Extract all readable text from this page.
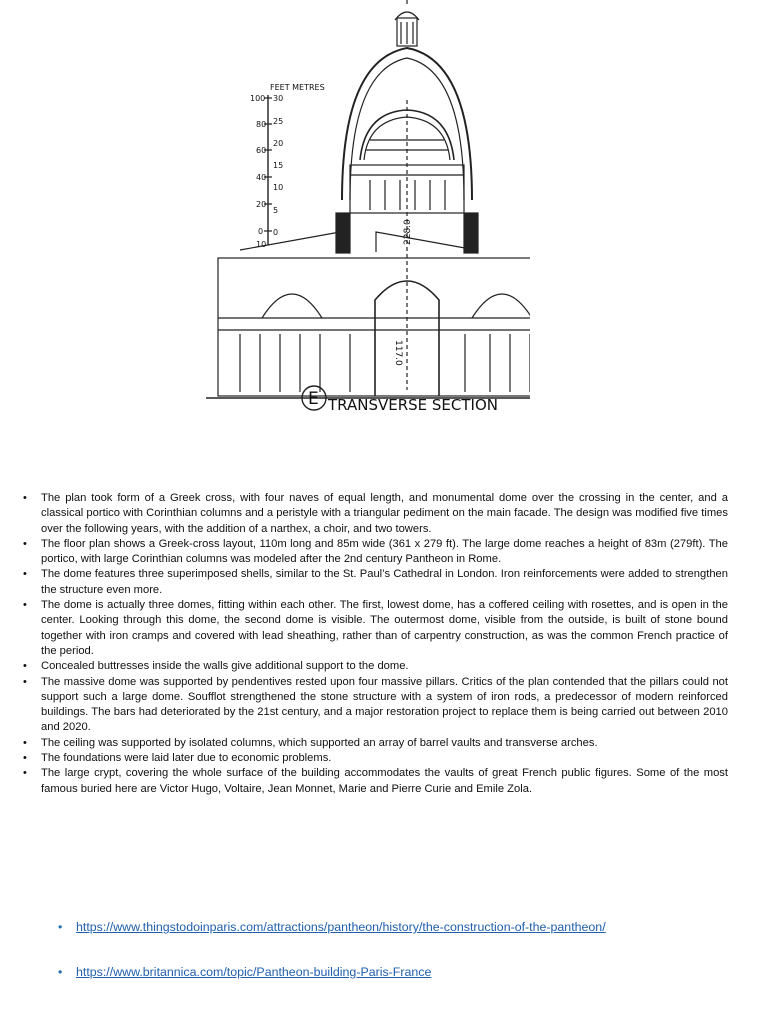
FEET METRES
100
80
60
40
20
0
10
30
25
20
15
10
5
0	228.0
117.0
E TRANSVERSE SECTION
• The plan took form of a Greek cross, with four naves of equal length, and monumental dome over the crossing in the center, and a classical portico with Corinthian columns and a peristyle with a triangular pediment on the main facade. The design was modified five times over the following years, with the addition of a narthex, a choir, and two towers.
• The floor plan shows a Greek-cross layout, 110m long and 85m wide (361 x 279 ft). The large dome reaches a height of 83m (279ft). The portico, with large Corinthian columns was modeled after the 2nd century Pantheon in Rome.
• The dome features three superimposed shells, similar to the St. Paul’s Cathedral in London. Iron reinforcements were added to strengthen the structure even more.
• The dome is actually three domes, fitting within each other. The first, lowest dome, has a coffered ceiling with rosettes, and is open in the center. Looking through this dome, the second dome is visible. The outermost dome, visible from the outside, is built of stone bound together with iron cramps and covered with lead sheathing, rather than of carpentry construction, as was the common French practice of the period.
• Concealed buttresses inside the walls give additional support to the dome.
• The massive dome was supported by pendentives rested upon four massive pillars. Critics of the plan contended that the pillars could not support such a large dome. Soufflot strengthened the stone structure with a system of iron rods, a predecessor of modern reinforced buildings. The bars had deteriorated by the 21st century, and a major restoration project to replace them is being carried out between 2010 and 2020.
• The ceiling was supported by isolated columns, which supported an array of barrel vaults and transverse arches.
• The foundations were laid later due to economic problems.
• The large crypt, covering the whole surface of the building accommodates the vaults of great French public figures. Some of the most famous buried here are Victor Hugo, Voltaire, Jean Monnet, Marie and Pierre Curie and Emile Zola.
• https://www.thingstodoinparis.com/attractions/pantheon/history/the-construction-of-the-pantheon/
• https://www.britannica.com/topic/Pantheon-building-Paris-France
